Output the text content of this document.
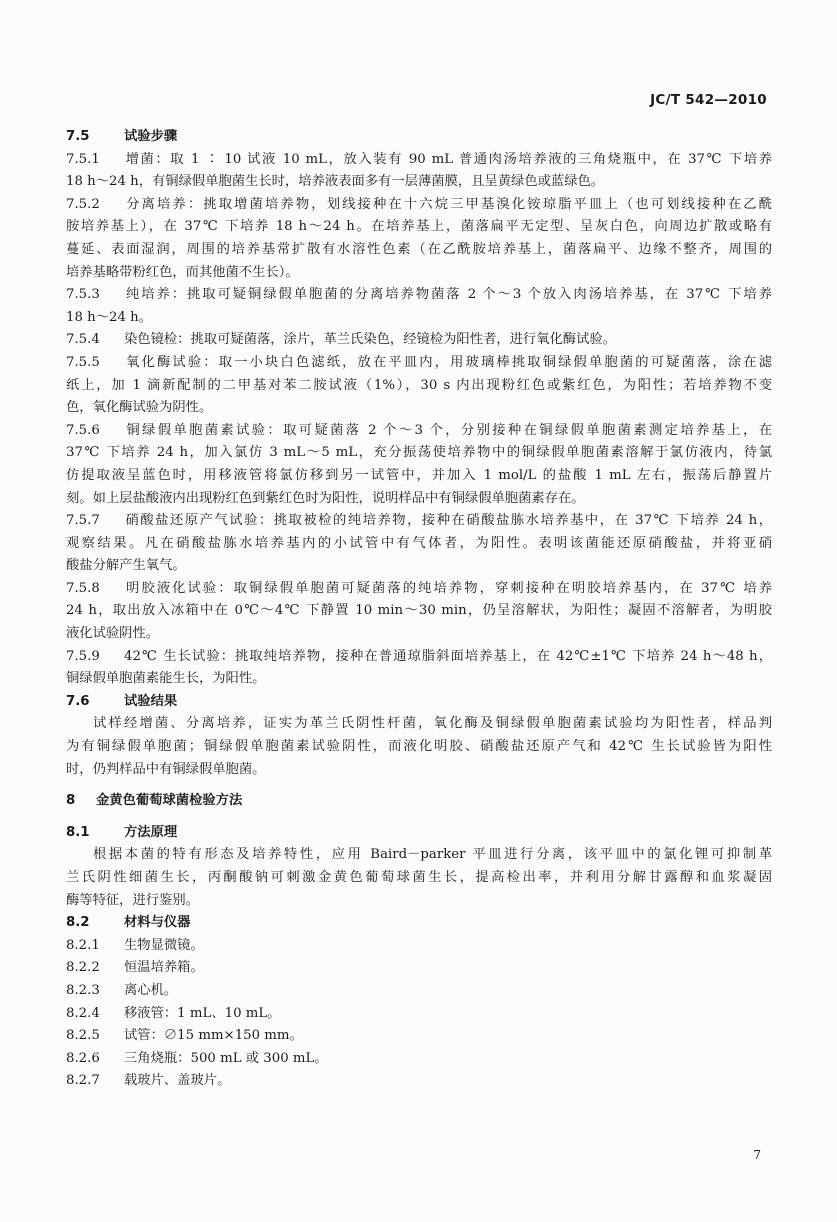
JC/T 542—2010
7.5	试验步骤
7.5.1 增菌：取 1 ∶ 10 试液 10 mL，放入装有 90 mL 普通肉汤培养液的三角烧瓶中，在 37℃ 下培养
18 h～24 h，有铜绿假单胞菌生长时，培养液表面多有一层薄菌膜，且呈黄绿色或蓝绿色。
7.5.2 分离培养：挑取增菌培养物，划线接种在十六烷三甲基溴化铵琼脂平皿上（也可划线接种在乙酰
胺培养基上），在 37℃ 下培养 18 h～24 h。在培养基上，菌落扁平无定型、呈灰白色，向周边扩散或略有
蔓延、表面湿润，周围的培养基常扩散有水溶性色素（在乙酰胺培养基上，菌落扁平、边缘不整齐，周围的
培养基略带粉红色，而其他菌不生长）。
7.5.3 纯培养：挑取可疑铜绿假单胞菌的分离培养物菌落 2 个～3 个放入肉汤培养基，在 37℃ 下培养
18 h～24 h。
7.5.4 染色镜检：挑取可疑菌落，涂片，革兰氏染色，经镜检为阳性者，进行氧化酶试验。
7.5.5 氧化酶试验：取一小块白色滤纸，放在平皿内，用玻璃棒挑取铜绿假单胞菌的可疑菌落，涂在滤
纸上，加 1 滴新配制的二甲基对苯二胺试液（1%），30 s 内出现粉红色或紫红色，为阳性；若培养物不变
色，氧化酶试验为阴性。
7.5.6 铜绿假单胞菌素试验：取可疑菌落 2 个～3 个，分别接种在铜绿假单胞菌素测定培养基上，在
37℃ 下培养 24 h，加入氯仿 3 mL～5 mL，充分振荡使培养物中的铜绿假单胞菌素溶解于氯仿液内，待氯
仿提取液呈蓝色时，用移液管将氯仿移到另一试管中，并加入 1 mol/L 的盐酸 1 mL 左右，振荡后静置片
刻。如上层盐酸液内出现粉红色到紫红色时为阳性，说明样品中有铜绿假单胞菌素存在。
7.5.7 硝酸盐还原产气试验：挑取被检的纯培养物，接种在硝酸盐胨水培养基中，在 37℃ 下培养 24 h，
观察结果。凡在硝酸盐胨水培养基内的小试管中有气体者，为阳性。表明该菌能还原硝酸盐，并将亚硝
酸盐分解产生氧气。
7.5.8 明胶液化试验：取铜绿假单胞菌可疑菌落的纯培养物，穿刺接种在明胶培养基内，在 37℃ 培养
24 h，取出放入冰箱中在 0℃～4℃ 下静置 10 min～30 min，仍呈溶解状，为阳性；凝固不溶解者，为明胶
液化试验阴性。
7.5.9 42℃ 生长试验：挑取纯培养物，接种在普通琼脂斜面培养基上，在 42℃±1℃ 下培养 24 h～48 h，
铜绿假单胞菌素能生长，为阳性。
7.6	试验结果
试样经增菌、分离培养，证实为革兰氏阴性杆菌，氧化酶及铜绿假单胞菌素试验均为阳性者，样品判
为有铜绿假单胞菌；铜绿假单胞菌素试验阴性，而液化明胶、硝酸盐还原产气和 42℃ 生长试验皆为阳性
时，仍判样品中有铜绿假单胞菌。
8 金黄色葡萄球菌检验方法
8.1	方法原理
根据本菌的特有形态及培养特性，应用 Baird－parker 平皿进行分离，该平皿中的氯化锂可抑制革
兰氏阴性细菌生长，丙酮酸钠可刺激金黄色葡萄球菌生长，提高检出率，并利用分解甘露醇和血浆凝固
酶等特征，进行鉴别。
8.2	材料与仪器
8.2.1 生物显微镜。
8.2.2 恒温培养箱。
8.2.3 离心机。
8.2.4 移液管：1 mL、10 mL。
8.2.5 试管：∅15 mm×150 mm。
8.2.6 三角烧瓶：500 mL 或 300 mL。
8.2.7 载玻片、盖玻片。
7
